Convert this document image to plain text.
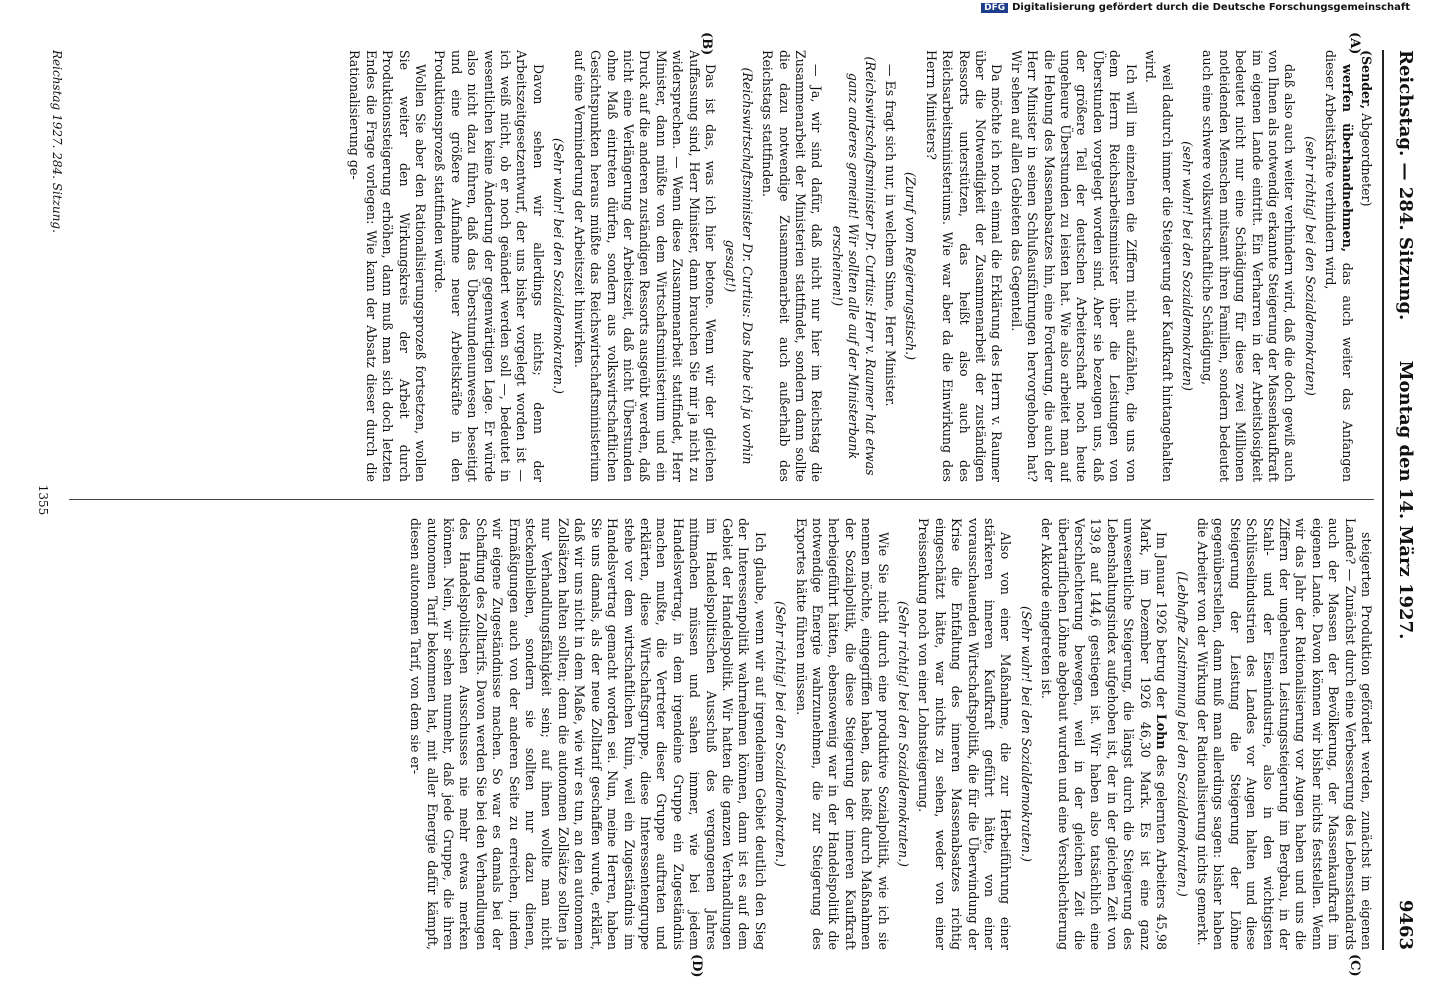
Reichstag. — 284. Sitzung.
Montag den 14. März 1927.
9463

(Sender, Abgeordneter)

werfen überhandnehmen, das auch weiter das Anfangen dieser Arbeitskräfte verhindern wird,

(sehr richtig! bei den Sozialdemokraten)

daß also auch weiter verhindern wird, daß die doch gewiß auch von Ihnen als notwendig erkannte Steigerung der Massenkaufkraft im eigenen Lande eintritt. Ein Verharren in der Arbeitslosigkeit bedeutet nicht nur eine Schädigung für diese zwei Millionen notleidenden Menschen mitsamt ihren Familien, sondern bedeutet auch eine schwere volkswirtschaftliche Schädigung,

(sehr wahr! bei den Sozialdemokraten)

weil dadurch immer die Steigerung der Kaufkraft hintangehalten wird.

Ich will im einzelnen die Ziffern nicht aufzählen, die uns von dem Herrn Reichsarbeitsminister über die Leistungen von Überstunden vorgelegt worden sind. Aber sie bezeugen uns, daß der größere Teil der deutschen Arbeiterschaft noch heute ungeheure Überstunden zu leisten hat. Wie also arbeitet man auf die Hebung des Massenabsatzes hin, eine Forderung, die auch der Herr Minister in seinen Schlußausführungen hervorgehoben hat? Wir sehen auf allen Gebieten das Gegenteil.

Da möchte ich noch einmal die Erklärung des Herrn v. Raumer über die Notwendigkeit der Zusammenarbeit der zuständigen Ressorts unterstützen, das heißt also auch des Reichsarbeitsministeriums. Wie war aber da die Einwirkung des Herrn Ministers?

(Zuruf vom Regierungstisch.)

— Es fragt sich nur, in welchem Sinne, Herr Minister.

(Reichswirtschaftsminister Dr. Curtius: Herr v. Raumer hat etwas ganz anderes gemeint! Wir sollten alle auf der Ministerbank erscheinen!)

— Ja, wir sind dafür, daß nicht nur hier im Reichstag die Zusammenarbeit der Ministerien stattfindet, sondern dann sollte die dazu notwendige Zusammenarbeit auch außerhalb des Reichstags stattfinden.

(Reichswirtschaftsminister Dr. Curtius: Das habe ich ja vorhin gesagt!)

Das ist das, was ich hier betone. Wenn wir der gleichen Auffassung sind, Herr Minister, dann brauchen Sie mir ja nicht zu widersprechen. — Wenn diese Zusammenarbeit stattfindet, Herr Minister, dann müßte von dem Wirtschaftsministerium und ein Druck auf die anderen zuständigen Ressorts ausgeübt werden, daß nicht eine Verlängerung der Arbeitszeit, daß nicht Überstunden ohne Maß eintreten dürfen, sondern aus volkswirtschaftlichen Gesichtspunkten heraus müßte das Reichswirtschaftsministerium auf eine Verminderung der Arbeitszeit hinwirken.

(Sehr wahr! bei den Sozialdemokraten.)

Davon sehen wir allerdings nichts; denn der Arbeitszeitgesetzentwurf, der uns bisher vorgelegt worden ist — ich weiß nicht, ob er noch geändert werden soll —, bedeutet in wesentlichen keine Änderung der gegenwärtigen Lage. Er würde also nicht dazu führen, daß das Überstundenunwesen beseitigt und eine größere Aufnahme neuer Arbeitskräfte in den Produktionsprozeß stattfinden würde.

Wollen Sie aber den Rationalisierungsprozeß fortsetzen, wollen Sie weiter den Wirkungskreis der Arbeit durch Produktionssteigerung erhöhen, dann muß man sich doch letzten Endes die Frage vorlegen: Wie kann der Absatz dieser durch die Rationalisierung ge-

steigerten Produktion gefördert werden, zunächst im eigenen Lande? — Zunächst durch eine Verbesserung des Lebensstandards auch der Massen der Bevölkerung, der Massenkaufkraft im eigenen Lande. Davon können wir bisher nichts feststellen. Wenn wir das Jahr der Rationalisierung vor Augen haben und uns die Ziffern der ungeheuren Leistungssteigerung im Bergbau, in der Stahl- und der Eisenindustrie, also in den wichtigsten Schlüsselindustrien des Landes vor Augen halten und diese Steigerung der Leistung die Steigerung der Löhne gegenüberstellen, dann muß man allerdings sagen: bisher haben die Arbeiter von der Wirkung der Rationalisierung nichts gemerkt.

(Lebhafte Zustimmung bei den Sozialdemokraten.)

Im Januar 1926 betrug der Lohn des gelernten Arbeiters 45,98 Mark, im Dezember 1926 46,30 Mark. Es ist eine ganz unwesentliche Steigerung, die längst durch die Steigerung des Lebenshaltungsindex aufgehoben ist, der in der gleichen Zeit von 139,8 auf 144,6 gestiegen ist. Wir haben also tatsächlich eine Verschlechterung bewegen, weil in der gleichen Zeit die übertariflichen Löhne abgebaut wurden und eine Verschlechterung der Akkorde eingetreten ist.

(Sehr wahr! bei den Sozialdemokraten.)

Also von einer Maßnahme, die zur Herbeiführung einer stärkeren inneren Kaufkraft geführt hätte, von einer vorausschauenden Wirtschaftspolitik, die für die Überwindung der Krise die Entfaltung des inneren Massenabsatzes richtig eingeschätzt hätte, war nichts zu sehen, weder von einer Preissenkung noch von einer Lohnsteigerung.

(Sehr richtig! bei den Sozialdemokraten.)

Wie Sie nicht durch eine produktive Sozialpolitik, wie ich sie nennen möchte, eingegriffen haben, das heißt durch Maßnahmen der Sozialpolitik, die diese Steigerung der inneren Kaufkraft herbeigeführt hätten, ebensowenig war in der Handelspolitik die notwendige Energie wahrzunehmen, die zur Steigerung des Exportes hätte führen müssen.

(Sehr richtig! bei den Sozialdemokraten.)

Ich glaube, wenn wir auf irgendeinem Gebiet deutlich den Sieg der Interessenpolitik wahrnehmen können, dann ist es auf dem Gebiet der Handelspolitik. Wir hatten die ganzen Verhandlungen im Handelspolitischen Ausschuß des vergangenen Jahres mitmachen müssen und sahen immer, wie bei jedem Handelsvertrag, in dem irgendeine Gruppe ein Zugeständnis machen mußte, die Vertreter dieser Gruppe auftraten und erklärten, diese Wirtschaftsgruppe, diese Interessentengruppe stehe vor dem wirtschaftlichen Ruin, weil ein Zugeständnis im Handelsvertrag gemacht worden sei. Nun, meine Herren, haben Sie uns damals, als der neue Zolltarif geschaffen wurde, erklärt, daß wir uns nicht in dem Maße, wie wir es tun, an den autonomen Zollsätzen halten sollten; denn die autonomen Zollsätze sollten ja nur Verhandlungsfähigkeit sein; auf ihnen wollte man nicht steckenbleiben, sondern sie sollten nur dazu dienen, Ermäßigungen auch von der anderen Seite zu erreichen, indem wir eigene Zugeständnisse machen. So war es damals bei der Schaffung des Zolltarifs. Davon werden Sie bei den Verhandlungen des Handelspolitischen Ausschusses nie mehr etwas merken können. Nein, wir sehen nunmehr, daß jede Gruppe, die ihren autonomen Tarif bekommen hat, mit aller Energie dafür kämpft, diesen autonomen Tarif, von dem sie er-

(A)
(B)
(C)
(D)
Reichstag 1927. 284. Sitzung.
1355
DFG Digitalisierung gefördert durch die Deutsche Forschungsgemeinschaft
